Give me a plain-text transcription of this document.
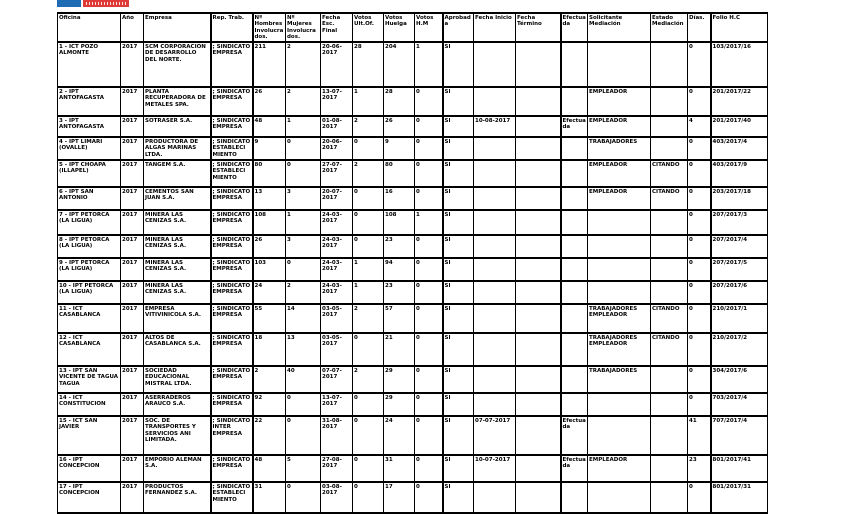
Oficina	Año	Empresa	Rep. Trab.	Nº Hombres Involucrados.	Nº Mujeres Involucrados.	Fecha Esc. Final	Votos Ult.Of.	Votos Huelga	Votos H.M	Aprobada	Fecha Inicio	Fecha Término	Efectuada	Solicitante Mediación	Estado Mediación	Días.	Folio H.C
1 - ICT POZO ALMONTE	2017	SCM CORPORACION DE DESARROLLO DEL NORTE.	; SINDICATO EMPRESA	211	2	20-06-2017	28	204	1	SI						0	103/2017/16
2 - IPT ANTOFAGASTA	2017	PLANTA RECUPERADORA DE METALES SPA.	; SINDICATO EMPRESA	26	2	13-07-2017	1	28	0	SI				EMPLEADOR		0	201/2017/22
3 - IPT ANTOFAGASTA	2017	SOTRASER S.A.	; SINDICATO EMPRESA	48	1	01-08-2017	2	26	0	SI	10-08-2017		Efectuada	EMPLEADOR		4	201/2017/40
4 - IPT LIMARI (OVALLE)	2017	PRODUCTORA DE ALGAS MARINAS LTDA.	; SINDICATO ESTABLECIMIENTO	9	0	20-06-2017	0	9	0	SI				TRABAJADORES		0	403/2017/4
5 - IPT CHOAPA (ILLAPEL)	2017	TANGEM S.A.	; SINDICATO ESTABLECIMIENTO	80	0	27-07-2017	2	80	0	SI				EMPLEADOR	CITANDO	0	403/2017/9
6 - IPT SAN ANTONIO	2017	CEMENTOS SAN JUAN S.A.	; SINDICATO EMPRESA	13	3	20-07-2017	0	16	0	SI				EMPLEADOR	CITANDO	0	203/2017/18
7 - IPT PETORCA (LA LIGUA)	2017	MINERA LAS CENIZAS S.A.	; SINDICATO EMPRESA	108	1	24-03-2017	0	108	1	SI						0	207/2017/3
8 - IPT PETORCA (LA LIGUA)	2017	MINERA LAS CENIZAS S.A.	; SINDICATO EMPRESA	26	3	24-03-2017	0	23	0	SI						0	207/2017/4
9 - IPT PETORCA (LA LIGUA)	2017	MINERA LAS CENIZAS S.A.	; SINDICATO EMPRESA	103	0	24-03-2017	1	94	0	SI						0	207/2017/5
10 - IPT PETORCA (LA LIGUA)	2017	MINERA LAS CENIZAS S.A.	; SINDICATO EMPRESA	24	2	24-03-2017	1	23	0	SI						0	207/2017/6
11 - ICT CASABLANCA	2017	EMPRESA VITIVINICOLA S.A.	; SINDICATO EMPRESA	55	14	03-05-2017	2	57	0	SI				TRABAJADORES EMPLEADOR	CITANDO	0	210/2017/1
12 - ICT CASABLANCA	2017	ALTOS DE CASABLANCA S.A.	; SINDICATO EMPRESA	18	13	03-05-2017	0	21	0	SI				TRABAJADORES EMPLEADOR	CITANDO	0	210/2017/2
13 - IPT SAN VICENTE DE TAGUA TAGUA	2017	SOCIEDAD EDUCACIONAL MISTRAL LTDA.	; SINDICATO EMPRESA	2	40	07-07-2017	2	29	0	SI				TRABAJADORES		0	304/2017/6
14 - ICT CONSTITUCION	2017	ASERRADEROS ARAUCO S.A.	; SINDICATO EMPRESA	92	0	13-07-2017	0	29	0	SI						0	703/2017/4
15 - ICT SAN JAVIER	2017	SOC. DE TRANSPORTES Y SERVICIOS ANI LIMITADA.	; SINDICATO INTER EMPRESA	22	0	31-08-2017	0	24	0	SI	07-07-2017		Efectuada			41	707/2017/4
16 - IPT CONCEPCION	2017	EMPORIO ALEMAN S.A.	; SINDICATO EMPRESA	48	5	27-08-2017	0	31	0	SI	10-07-2017		Efectuada	EMPLEADOR		23	801/2017/41
17 - IPT CONCEPCION	2017	PRODUCTOS FERNANDEZ S.A.	; SINDICATO ESTABLECIMIENTO	31	0	03-08-2017	0	17	0	SI						0	801/2017/31
